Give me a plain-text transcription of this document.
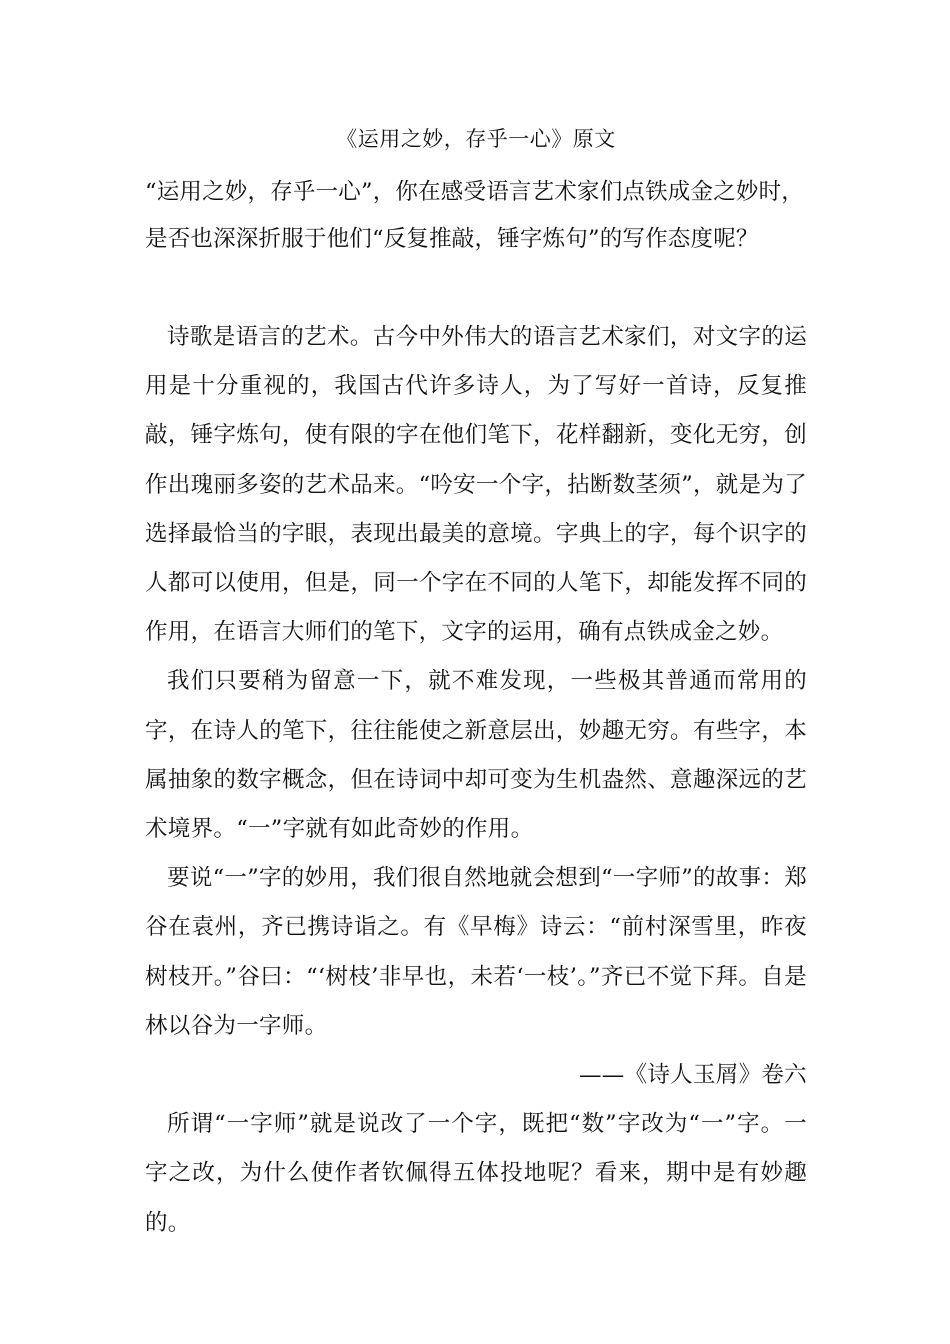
《运用之妙，存乎一心》原文

“运用之妙，存乎一心”，你在感受语言艺术家们点铁成金之妙时，是否也深深折服于他们“反复推敲，锤字炼句”的写作态度呢？

诗歌是语言的艺术。古今中外伟大的语言艺术家们，对文字的运用是十分重视的，我国古代许多诗人，为了写好一首诗，反复推敲，锤字炼句，使有限的字在他们笔下，花样翻新，变化无穷，创作出瑰丽多姿的艺术品来。“吟安一个字，拈断数茎须”，就是为了选择最恰当的字眼，表现出最美的意境。字典上的字，每个识字的人都可以使用，但是，同一个字在不同的人笔下，却能发挥不同的作用，在语言大师们的笔下，文字的运用，确有点铁成金之妙。

我们只要稍为留意一下，就不难发现，一些极其普通而常用的字，在诗人的笔下，往往能使之新意层出，妙趣无穷。有些字，本属抽象的数字概念，但在诗词中却可变为生机盎然、意趣深远的艺术境界。“一”字就有如此奇妙的作用。

要说“一”字的妙用，我们很自然地就会想到“一字师”的故事：郑谷在袁州，齐已携诗诣之。有《早梅》诗云：“前村深雪里，昨夜树枝开。”谷曰：“‘树枝’非早也，未若‘一枝’。”齐已不觉下拜。自是林以谷为一字师。

——《诗人玉屑》卷六

所谓“一字师”就是说改了一个字，既把“数”字改为“一”字。一字之改，为什么使作者钦佩得五体投地呢？看来，期中是有妙趣的。
